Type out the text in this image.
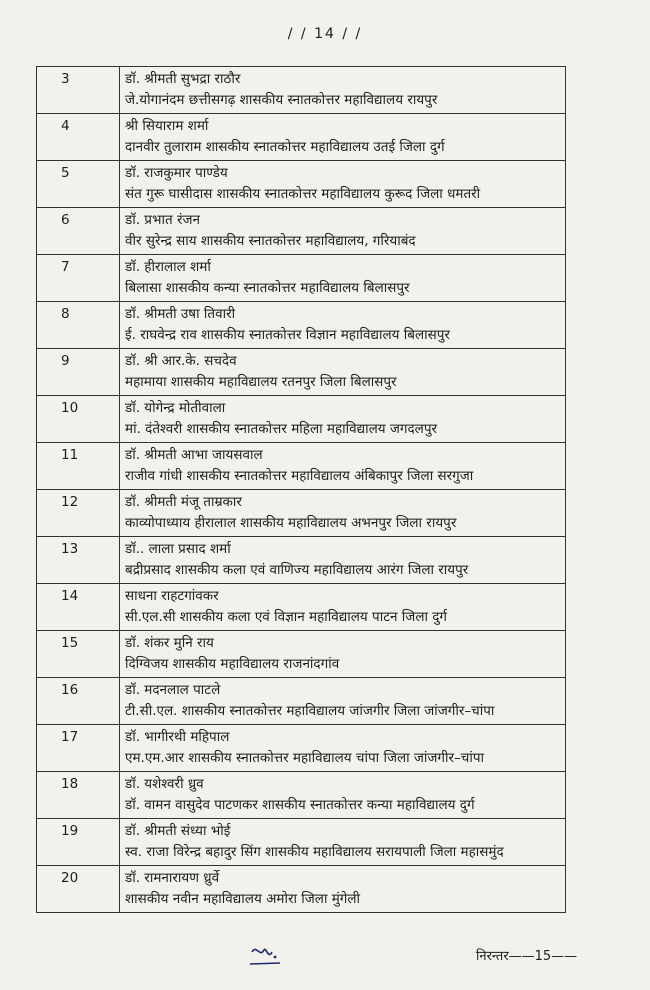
/ / 14 / /
3	डॉ. श्रीमती सुभद्रा राठौर
जे.योगानंदम छत्तीसगढ़ शासकीय स्नातकोत्तर महाविद्यालय रायपुर

4	श्री सियाराम शर्मा
दानवीर तुलाराम शासकीय स्नातकोत्तर महाविद्यालय उतई जिला दुर्ग

5	डॉ. राजकुमार पाण्डेय
संत गुरू घासीदास शासकीय स्नातकोत्तर महाविद्यालय कुरूद जिला धमतरी

6	डॉ. प्रभात रंजन
वीर सुरेन्द्र साय शासकीय स्नातकोत्तर महाविद्यालय, गरियाबंद

7	डॉ. हीरालाल शर्मा
बिलासा शासकीय कन्या स्नातकोत्तर महाविद्यालय बिलासपुर

8	डॉ. श्रीमती उषा तिवारी
ई. राघवेन्द्र राव शासकीय स्नातकोत्तर विज्ञान महाविद्यालय बिलासपुर

9	डॉ. श्री आर.के. सचदेव
महामाया शासकीय महाविद्यालय रतनपुर जिला बिलासपुर

10	डॉ. योगेन्द्र मोतीवाला
मां. दंतेश्वरी शासकीय स्नातकोत्तर महिला महाविद्यालय जगदलपुर

11	डॉ. श्रीमती आभा जायसवाल
राजीव गांधी शासकीय स्नातकोत्तर महाविद्यालय अंबिकापुर जिला सरगुजा

12	डॉ. श्रीमती मंजू ताम्रकार
काव्योपाध्याय हीरालाल शासकीय महाविद्यालय अभनपुर जिला रायपुर

13	डॉ.. लाला प्रसाद शर्मा
बद्रीप्रसाद शासकीय कला एवं वाणिज्य महाविद्यालय आरंग जिला रायपुर

14	साधना राहटगांवकर
सी.एल.सी शासकीय कला एवं विज्ञान महाविद्यालय पाटन जिला दुर्ग

15	डॉ. शंकर मुनि राय
दिग्विजय शासकीय महाविद्यालय राजनांदगांव

16	डॉ. मदनलाल पाटले
टी.सी.एल. शासकीय स्नातकोत्तर महाविद्यालय जांजगीर जिला जांजगीर–चांपा

17	डॉ. भागीरथी महिपाल
एम.एम.आर शासकीय स्नातकोत्तर महाविद्यालय चांपा जिला जांजगीर–चांपा

18	डॉ. यशेश्वरी ध्रुव
डॉ. वामन वासुदेव पाटणकर शासकीय स्नातकोत्तर कन्या महाविद्यालय दुर्ग

19	डॉ. श्रीमती संध्या भोई
स्व. राजा विरेन्द्र बहादुर सिंग शासकीय महाविद्यालय सरायपाली जिला महासमुंद

20	डॉ. रामनारायण ध्रुर्वे
शासकीय नवीन महाविद्यालय अमोरा जिला मुंगेली
निरन्तर——15——
